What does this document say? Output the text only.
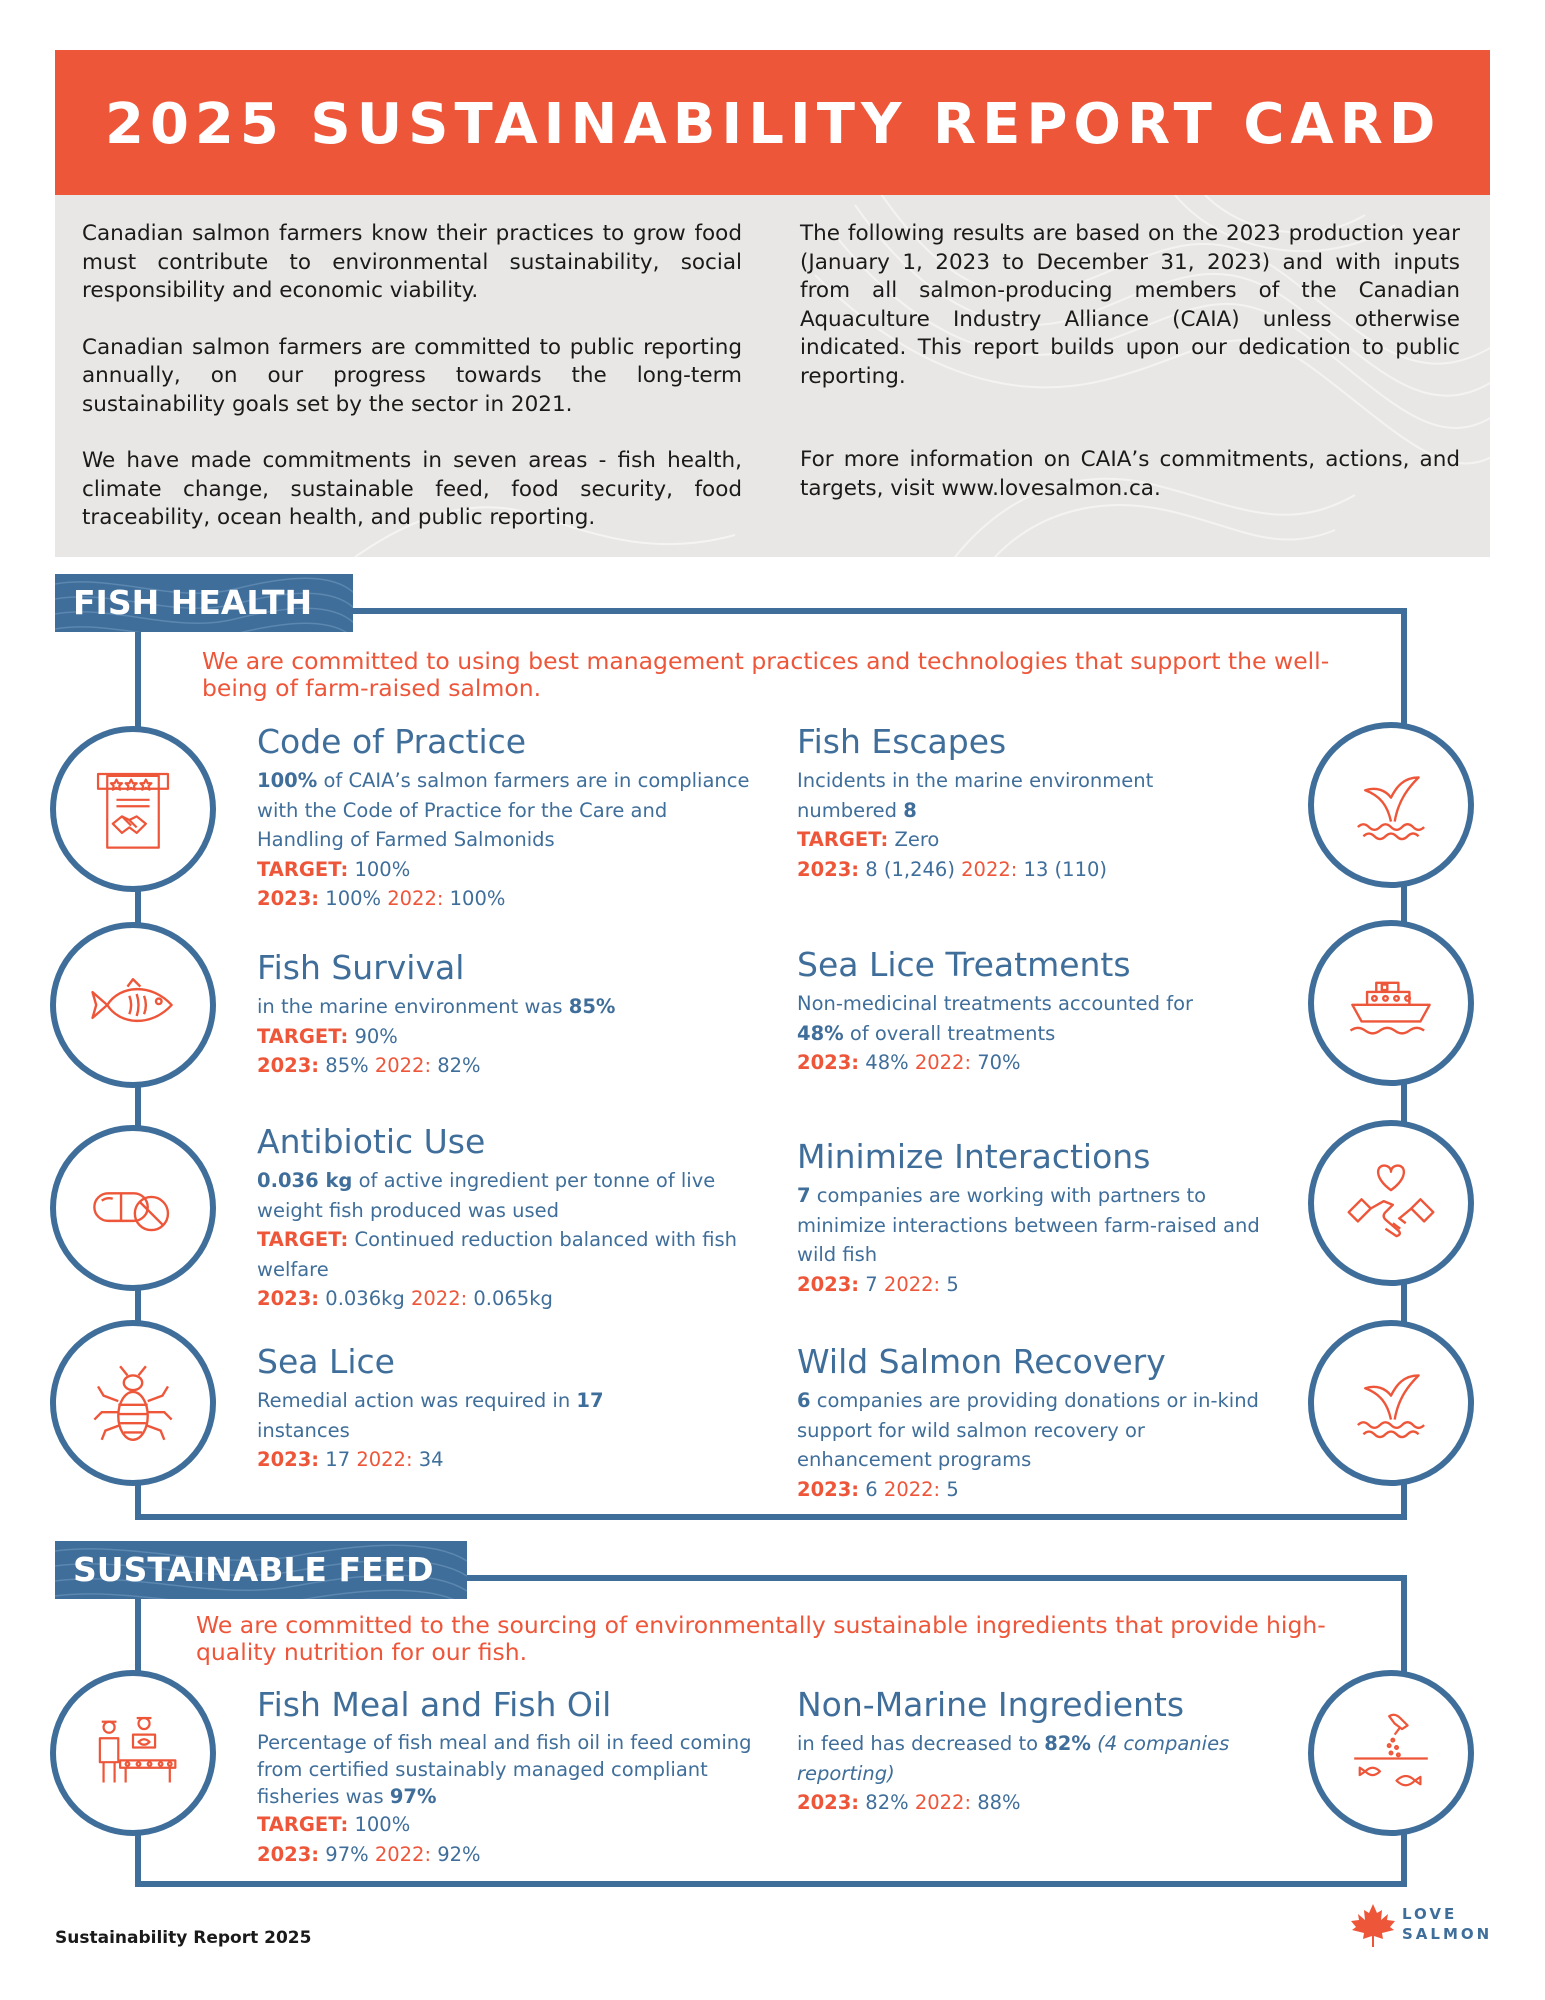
2025 SUSTAINABILITY REPORT CARD

Canadian salmon farmers know their practices to grow food must contribute to environmental sustainability, social responsibility and economic viability.

Canadian salmon farmers are committed to public reporting annually, on our progress towards the long-term sustainability goals set by the sector in 2021.

We have made commitments in seven areas - fish health, climate change, sustainable feed, food security, food traceability, ocean health, and public reporting.

The following results are based on the 2023 production year (January 1, 2023 to December 31, 2023) and with inputs from all salmon-producing members of the Canadian Aquaculture Industry Alliance (CAIA) unless otherwise indicated. This report builds upon our dedication to public reporting.

For more information on CAIA’s commitments, actions, and targets, visit www.lovesalmon.ca.

FISH HEALTH
We are committed to using best management practices and technologies that support the well-being of farm-raised salmon.
Code of Practice
100% of CAIA’s salmon farmers are in compliance with the Code of Practice for the Care and Handling of Farmed Salmonids
TARGET: 100%
2023: 100% 2022: 100%
Fish Survival
in the marine environment was 85%
TARGET: 90%
2023: 85% 2022: 82%
Antibiotic Use
0.036 kg of active ingredient per tonne of live weight fish produced was used
TARGET: Continued reduction balanced with fish welfare
2023: 0.036kg 2022: 0.065kg
Sea Lice
Remedial action was required in 17
instances
2023: 17 2022: 34
Fish Escapes
Incidents in the marine environment numbered 8
TARGET: Zero
2023: 8 (1,246) 2022: 13 (110)
Sea Lice Treatments
Non-medicinal treatments accounted for
48% of overall treatments
2023: 48% 2022: 70%
Minimize Interactions
7 companies are working with partners to minimize interactions between farm-raised and wild fish
2023: 7 2022: 5
Wild Salmon Recovery
6 companies are providing donations or in-kind support for wild salmon recovery or enhancement programs
2023: 6 2022: 5
SUSTAINABLE FEED
We are committed to the sourcing of environmentally sustainable ingredients that provide high-quality nutrition for our fish.
Fish Meal and Fish Oil
Percentage of fish meal and fish oil in feed coming from certified sustainably managed compliant fisheries was 97%
TARGET: 100%
2023: 97% 2022: 92%
Non-Marine Ingredients
in feed has decreased to 82% (4 companies reporting)
2023: 82% 2022: 88%
Sustainability Report 2025
LOVE
SALMON
